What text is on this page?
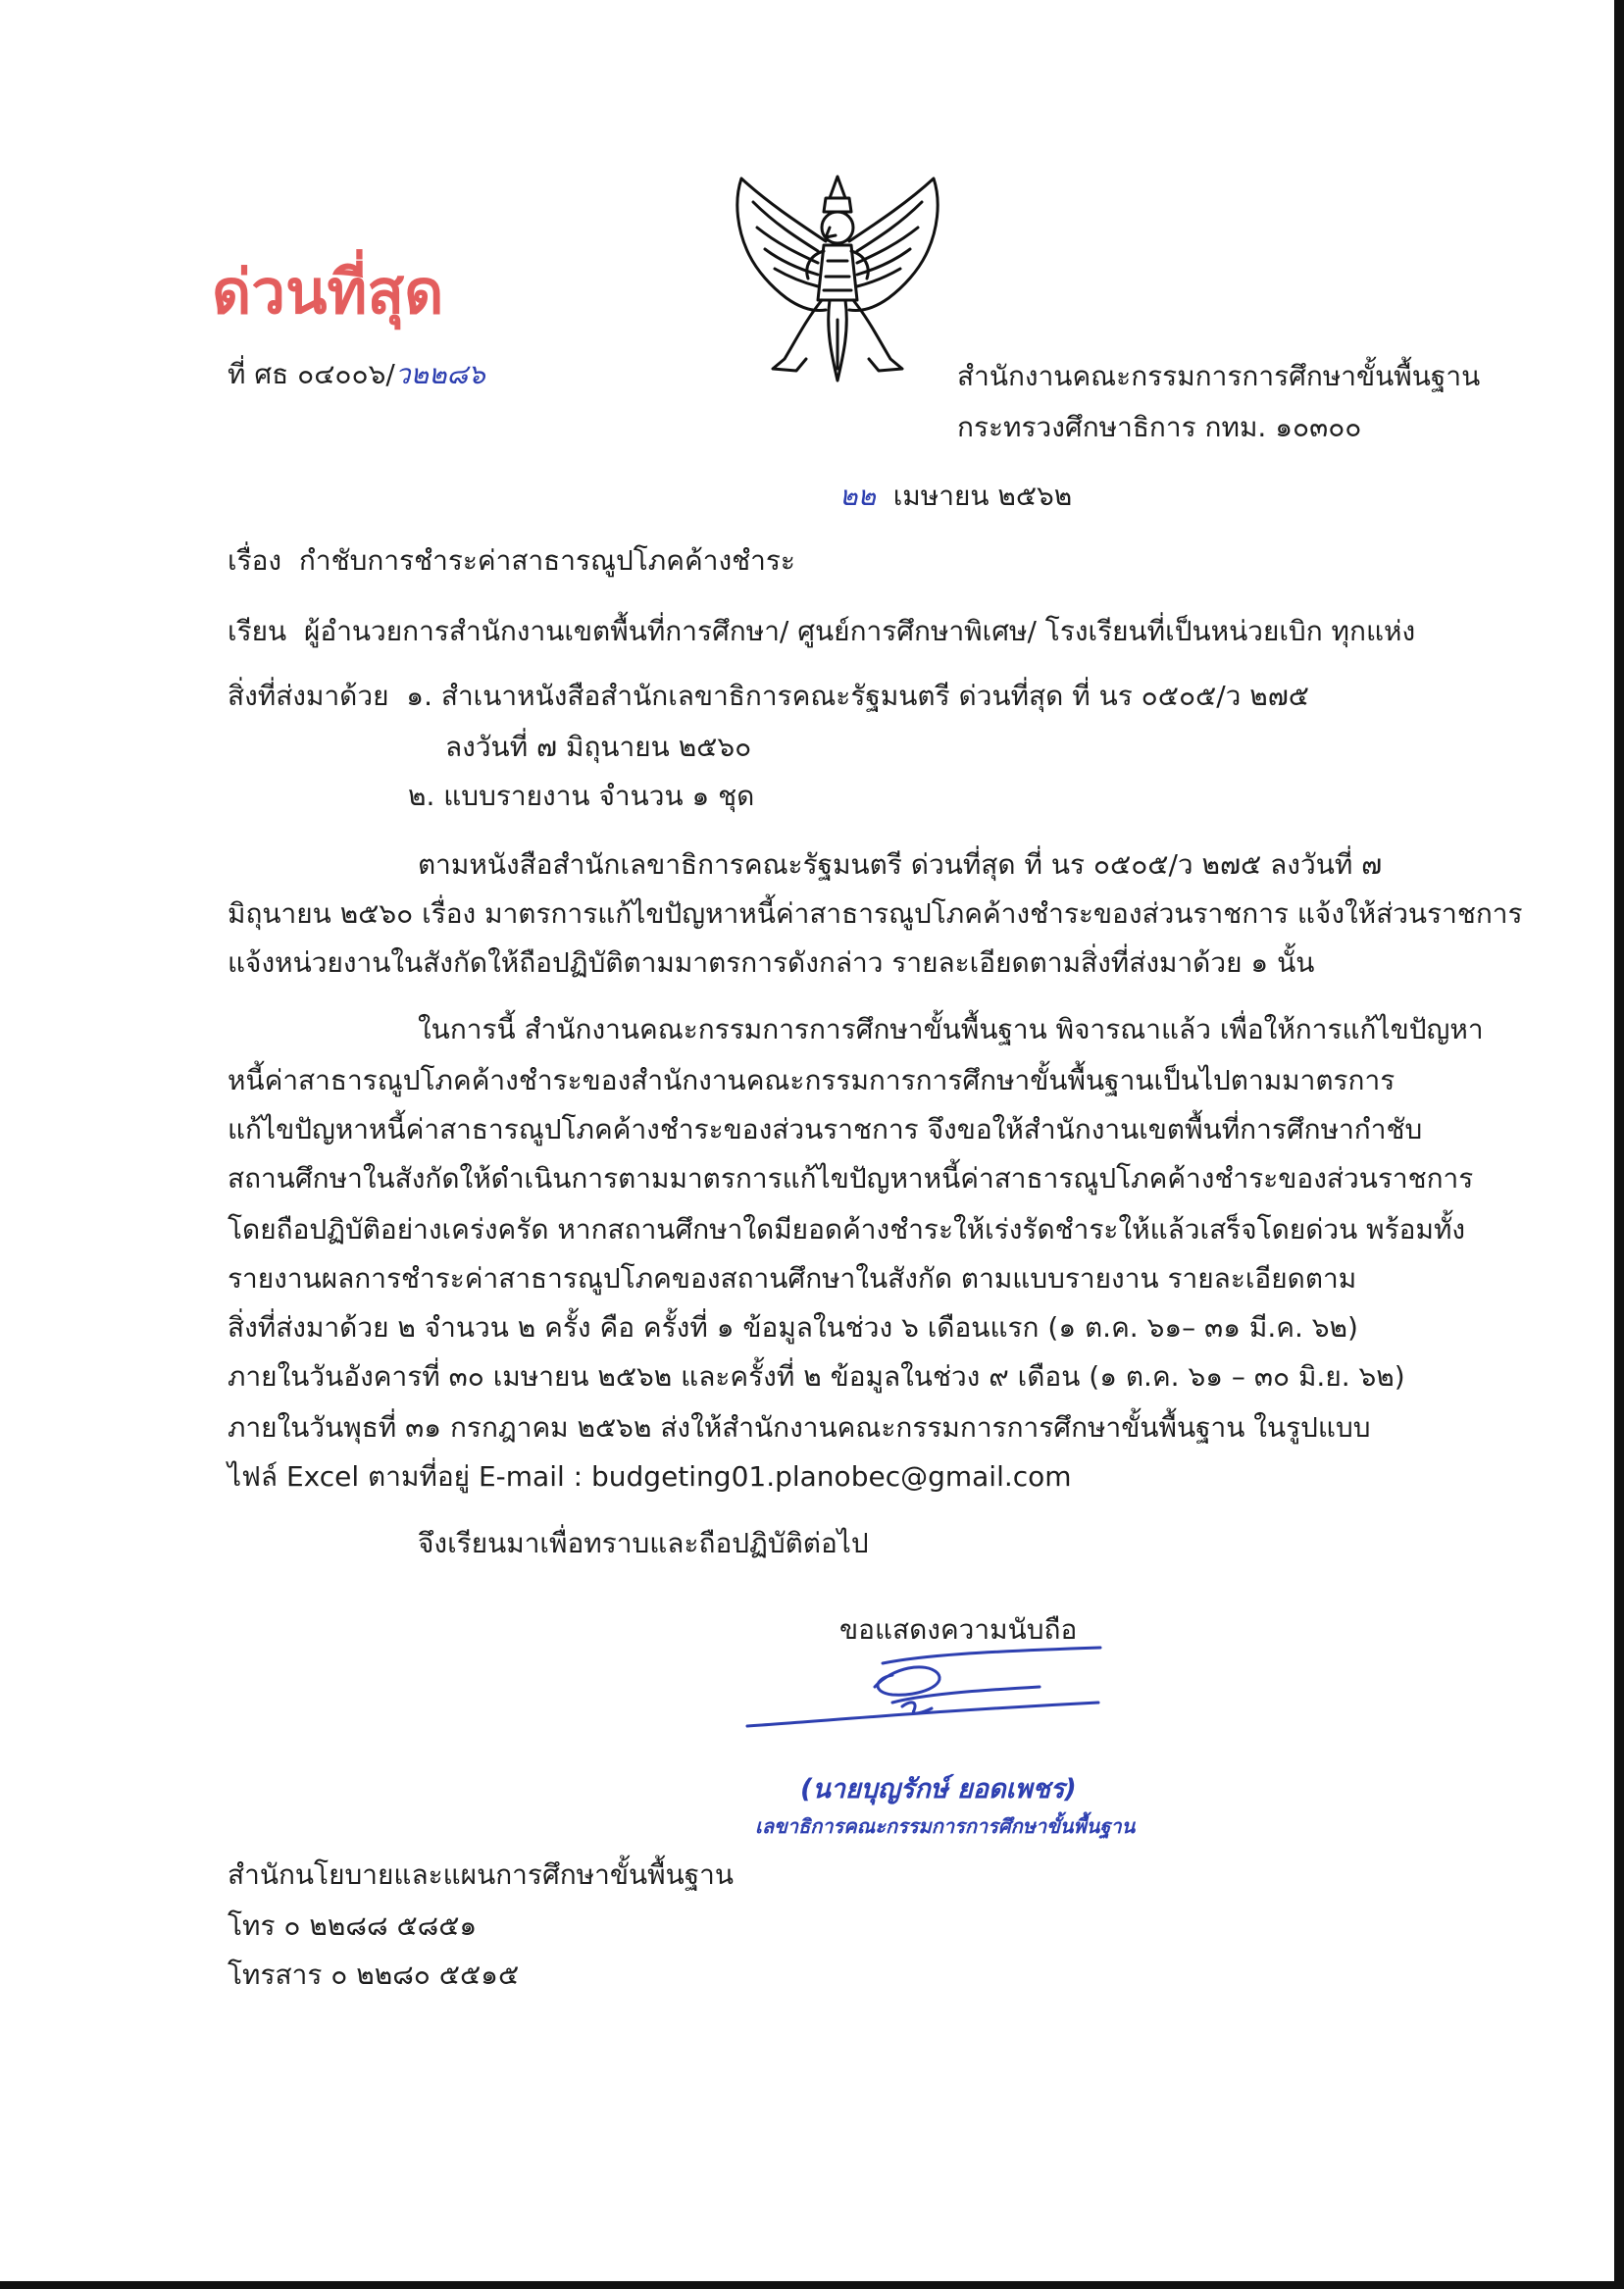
ด่วนที่สุด
ที่ ศธ ๐๔๐๐๖/ว๒๒๘๖	สำนักงานคณะกรรมการการศึกษาขั้นพื้นฐาน
กระทรวงศึกษาธิการ กทม. ๑๐๓๐๐
๒๒ เมษายน ๒๕๖๒
เรื่อง กำชับการชำระค่าสาธารณูปโภคค้างชำระ
เรียน ผู้อำนวยการสำนักงานเขตพื้นที่การศึกษา/ ศูนย์การศึกษาพิเศษ/ โรงเรียนที่เป็นหน่วยเบิก ทุกแห่ง
สิ่งที่ส่งมาด้วย ๑. สำเนาหนังสือสำนักเลขาธิการคณะรัฐมนตรี ด่วนที่สุด ที่ นร ๐๕๐๕/ว ๒๗๕
ลงวันที่ ๗ มิถุนายน ๒๕๖๐
๒. แบบรายงาน จำนวน ๑ ชุด
ตามหนังสือสำนักเลขาธิการคณะรัฐมนตรี ด่วนที่สุด ที่ นร ๐๕๐๕/ว ๒๗๕ ลงวันที่ ๗
มิถุนายน ๒๕๖๐ เรื่อง มาตรการแก้ไขปัญหาหนี้ค่าสาธารณูปโภคค้างชำระของส่วนราชการ แจ้งให้ส่วนราชการ
แจ้งหน่วยงานในสังกัดให้ถือปฏิบัติตามมาตรการดังกล่าว รายละเอียดตามสิ่งที่ส่งมาด้วย ๑ นั้น
ในการนี้ สำนักงานคณะกรรมการการศึกษาขั้นพื้นฐาน พิจารณาแล้ว เพื่อให้การแก้ไขปัญหา
หนี้ค่าสาธารณูปโภคค้างชำระของสำนักงานคณะกรรมการการศึกษาขั้นพื้นฐานเป็นไปตามมาตรการ
แก้ไขปัญหาหนี้ค่าสาธารณูปโภคค้างชำระของส่วนราชการ จึงขอให้สำนักงานเขตพื้นที่การศึกษากำชับ
สถานศึกษาในสังกัดให้ดำเนินการตามมาตรการแก้ไขปัญหาหนี้ค่าสาธารณูปโภคค้างชำระของส่วนราชการ
โดยถือปฏิบัติอย่างเคร่งครัด หากสถานศึกษาใดมียอดค้างชำระให้เร่งรัดชำระให้แล้วเสร็จโดยด่วน พร้อมทั้ง
รายงานผลการชำระค่าสาธารณูปโภคของสถานศึกษาในสังกัด ตามแบบรายงาน รายละเอียดตาม
สิ่งที่ส่งมาด้วย ๒ จำนวน ๒ ครั้ง คือ ครั้งที่ ๑ ข้อมูลในช่วง ๖ เดือนแรก (๑ ต.ค. ๖๑– ๓๑ มี.ค. ๖๒)
ภายในวันอังคารที่ ๓๐ เมษายน ๒๕๖๒ และครั้งที่ ๒ ข้อมูลในช่วง ๙ เดือน (๑ ต.ค. ๖๑ – ๓๐ มิ.ย. ๖๒)
ภายในวันพุธที่ ๓๑ กรกฎาคม ๒๕๖๒ ส่งให้สำนักงานคณะกรรมการการศึกษาขั้นพื้นฐาน ในรูปแบบ
ไฟล์ Excel ตามที่อยู่ E-mail : budgeting01.planobec@gmail.com
จึงเรียนมาเพื่อทราบและถือปฏิบัติต่อไป
ขอแสดงความนับถือ
(นายบุญรักษ์ ยอดเพชร)
เลขาธิการคณะกรรมการการศึกษาขั้นพื้นฐาน
สำนักนโยบายและแผนการศึกษาขั้นพื้นฐาน
โทร ๐ ๒๒๘๘ ๕๘๕๑
โทรสาร ๐ ๒๒๘๐ ๕๕๑๕
